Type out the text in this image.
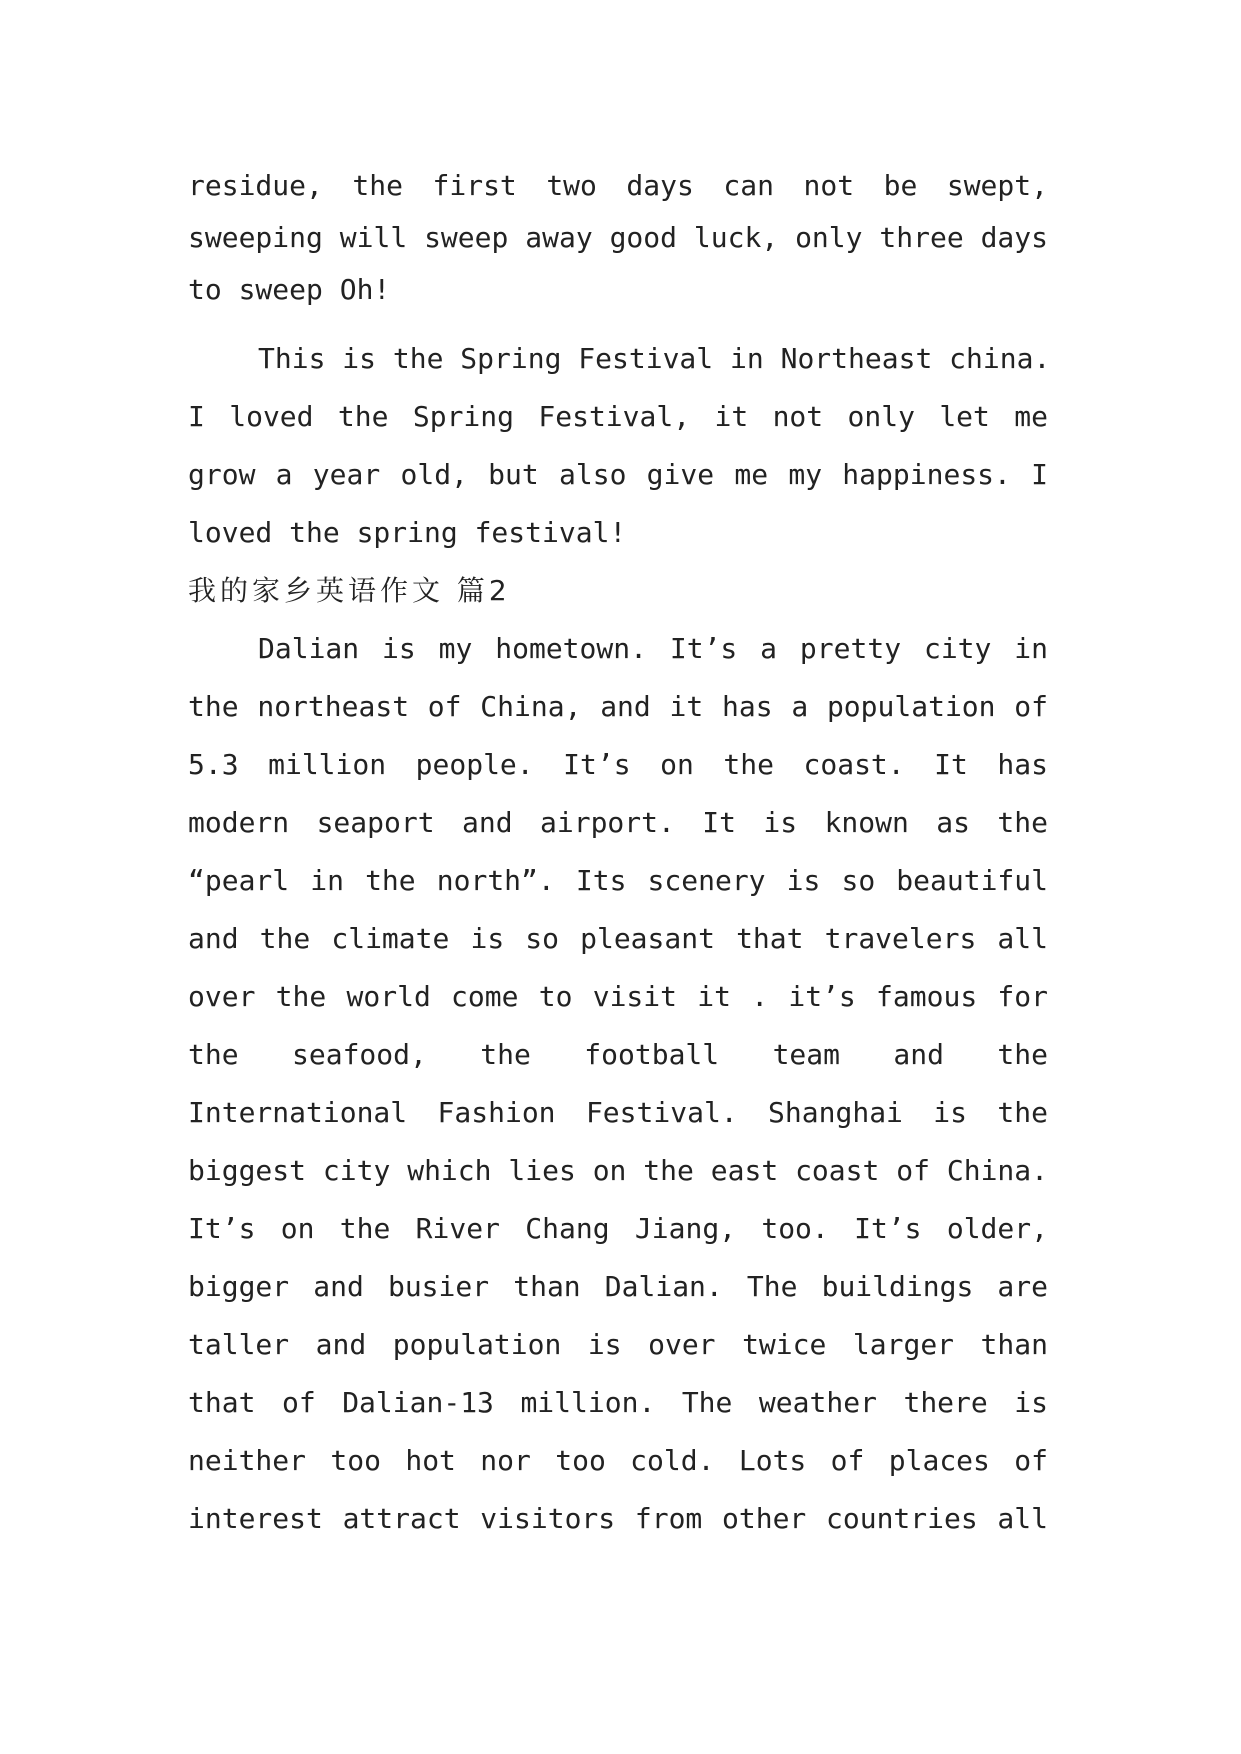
residue, the first two days can not be swept,
sweeping will sweep away good luck, only three days
to sweep Oh!
This is the Spring Festival in Northeast china.
I loved the Spring Festival, it not only let me
grow a year old, but also give me my happiness. I
loved the spring festival!
我的家乡英语作文 篇2
Dalian is my hometown. It’s a pretty city in
the northeast of China, and it has a population of
5.3 million people. It’s on the coast. It has
modern seaport and airport. It is known as the
“pearl in the north”. Its scenery is so beautiful
and the climate is so pleasant that travelers all
over the world come to visit it . it’s famous for
the seafood, the football team and the
International Fashion Festival. Shanghai is the
biggest city which lies on the east coast of China.
It’s on the River Chang Jiang, too. It’s older,
bigger and busier than Dalian. The buildings are
taller and population is over twice larger than
that of Dalian-13 million. The weather there is
neither too hot nor too cold. Lots of places of
interest attract visitors from other countries all
